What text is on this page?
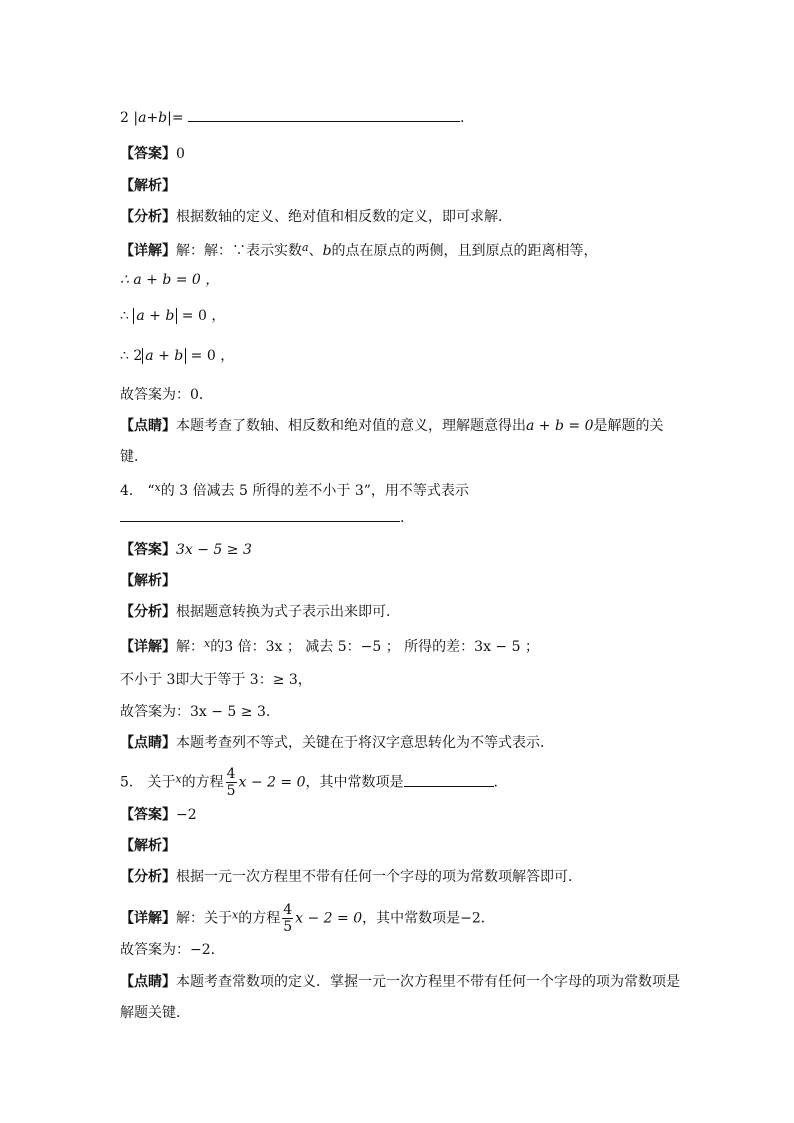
2 |a+b|=	.
【答案】0
【解析】
【分析】根据数轴的定义、绝对值和相反数的定义，即可求解．
【详解】解：解：∵表示实数$^a$、b的点在原点的两侧，且到原点的距离相等，
∴ a + b = 0 ，
∴ a + b = 0 ，
∴ 2 a + b = 0 ，
故答案为：0．
【点睛】本题考查了数轴、相反数和绝对值的意义，理解题意得出a + b = 0是解题的关
键．
4． “$^x$的 3 倍减去 5 所得的差不小于 3”，用不等式表示
.
【答案】3x − 5 ≥ 3
【解析】
【分析】根据题意转换为式子表示出来即可．
【详解】解：$^x$的3 倍：3x ； 减去 5：−5 ； 所得的差：3x − 5 ；
不小于 3即大于等于 3：≥ 3，
故答案为：3x − 5 ≥ 3．
【点睛】本题考查列不等式，关键在于将汉字意思转化为不等式表示．
5． 关于$^x$的方程 $\frac{4}{5}$ x − 2 = 0，其中常数项是	.
【答案】−2
【解析】
【分析】根据一元一次方程里不带有任何一个字母的项为常数项解答即可．
【详解】解：关于$^x$的方程 $\frac{4}{5}$ x − 2 = 0，其中常数项是−2．
故答案为：−2．
【点睛】本题考查常数项的定义．掌握一元一次方程里不带有任何一个字母的项为常数项是
解题关键．
